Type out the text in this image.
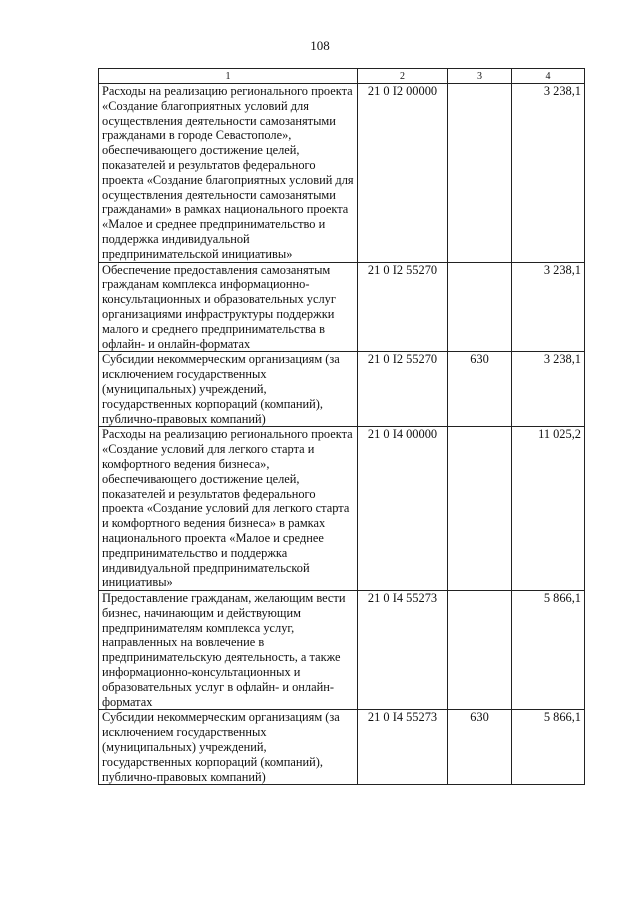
108
1	2	3	4
Расходы на реализацию регионального проекта «Создание благоприятных условий для осуществления деятельности самозанятыми гражданами в городе Севастополе», обеспечивающего достижение целей, показателей и результатов федерального проекта «Создание благоприятных условий для осуществления деятельности самозанятыми гражданами» в рамках национального проекта «Малое и среднее предпринимательство и поддержка индивидуальной предпринимательской инициативы»	21 0 I2 00000		3 238,1
Обеспечение предоставления самозанятым гражданам комплекса информационно-консультационных и образовательных услуг организациями инфраструктуры поддержки малого и среднего предпринимательства в офлайн- и онлайн-форматах	21 0 I2 55270		3 238,1
Субсидии некоммерческим организациям (за исключением государственных (муниципальных) учреждений, государственных корпораций (компаний), публично-правовых компаний)	21 0 I2 55270	630	3 238,1
Расходы на реализацию регионального проекта «Создание условий для легкого старта и комфортного ведения бизнеса», обеспечивающего достижение целей, показателей и результатов федерального проекта «Создание условий для легкого старта и комфортного ведения бизнеса» в рамках национального проекта «Малое и среднее предпринимательство и поддержка индивидуальной предпринимательской инициативы»	21 0 I4 00000		11 025,2
Предоставление гражданам, желающим вести бизнес, начинающим и действующим предпринимателям комплекса услуг, направленных на вовлечение в предпринимательскую деятельность, а также информационно-консультационных и образовательных услуг в офлайн- и онлайн-форматах	21 0 I4 55273		5 866,1
Субсидии некоммерческим организациям (за исключением государственных (муниципальных) учреждений, государственных корпораций (компаний), публично-правовых компаний)	21 0 I4 55273	630	5 866,1
